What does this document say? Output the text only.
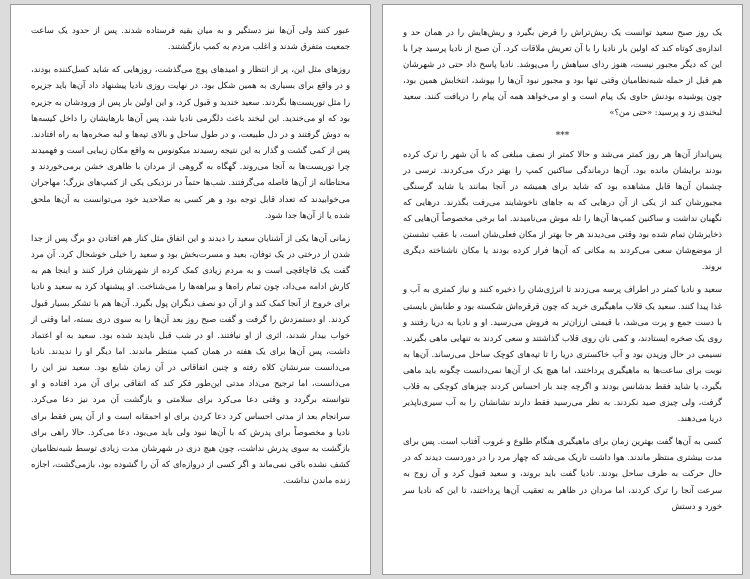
عبور کنند ولی آن‌ها نیز دستگیر و به میان بقیه فرستاده شدند. پس از حدود یک ساعت جمعیت متفرق شدند و اغلب مردم به کمپ بازگشتند.

روزهای مثل این، پر از انتظار و امیدهای پوچ می‌گذشت، روزهایی که شاید کسل‌کننده بودند، و در واقع برای بسیاری به همین شکل بود. در نهایت روزی نادیا پیشنهاد داد آن‌ها باید جزیره را مثل توریست‌ها بگردند. سعید خندید و قبول کرد، و این اولین بار پس از ورودشان به جزیره بود که او می‌خندید. این لبخند باعث دلگرمی نادیا شد، پس آن‌ها بارهایشان را داخل کیسه‌ها به دوش گرفتند و در دل طبیعت، و در طول ساحل و بالای تپه‌ها و لبه صخره‌ها به راه افتادند. پس از کمی گشت و گذار به این نتیجه رسیدند میکونوس به واقع مکان زیبایی است و فهمیدند چرا توریست‌ها به آنجا می‌روند. گهگاه به گروهی از مردان با ظاهری خشن برمی‌خوردند و محتاطانه از آن‌ها فاصله می‌گرفتند. شب‌ها حتماً در نزدیکی یکی از کمپ‌های بزرگ؛ مهاجران می‌خوابیدند که تعداد قابل توجه بود و هر کسی به صلاحدید خود می‌توانست به آن‌ها ملحق شده یا از آن‌ها جدا شود.

زمانی آن‌ها یکی از آشنایان سعید را دیدند و این اتفاق مثل کنار هم افتادن دو برگ پس از جدا شدن از درختی در یک توفان، بعید و مسرت‌بخش بود و سعید را خیلی خوشحال کرد. آن مرد گفت یک قاچاقچی است و به مردم زیادی کمک کرده از شهرشان فرار کنند و اینجا هم به کارش ادامه می‌داد، چون تمام راه‌ها و بیراهه‌ها را می‌شناخت. او پیشنهاد کرد به سعید و نادیا برای خروج از آنجا کمک کند و از آن دو نصف دیگران پول بگیرد. آن‌ها هم با تشکر بسیار قبول کردند. او دستمزدش را گرفت و گفت صبح روز بعد آن‌ها را به سوی دری بسته، اما وقتی از خواب بیدار شدند، اثری از او نیافتند. او در شب قبل ناپدید شده بود. سعید به او اعتماد داشت، پس آن‌ها برای یک هفته در همان کمپ منتظر ماندند. اما دیگر او را ندیدند. نادیا می‌دانست سرنشان کلاه رفته و چنین اتفاقاتی در آن زمان شایع بود. سعید نیز این را می‌دانست، اما ترجیح می‌داد مدتی این‌طور فکر کند که اتفاقی برای آن مرد افتاده و او نتوانسته برگردد و وقتی دعا می‌کرد برای سلامتی و بازگشت آن مرد نیز دعا می‌کرد. سرانجام بعد از مدتی احساس کرد دعا کردن برای او احمقانه است و از آن پس فقط برای نادیا و مخصوصاً برای پدرش که با آن‌ها نبود ولی باید می‌بود، دعا می‌کرد. حالا راهی برای بازگشت به سوی پدرش نداشت، چون هیچ دری در شهرشان مدت زیادی توسط شبه‌نظامیان کشف نشده باقی نمی‌ماند و اگر کسی از دروازه‌ای که آن را گشوده بود، بازمی‌گشت، اجازه زنده ماندن نداشت.

یک روز صبح سعید توانست یک ریش‌تراش را قرض بگیرد و ریش‌هایش را در همان حد و اندازه‌ی کوتاه کند که اولین بار ناديا را با آن تعریش ملاقات کرد. آن صبح از نادیا پرسید چرا با این که دیگر مجبور نیست، هنوز ردای سیاهش را می‌پوشد. نادیا پاسخ داد حتی در شهرشان هم قبل از حمله شبه‌نظامیان وقتی تنها بود و مجبور نبود آن‌ها را بپوشد، انتخابش همین بود، چون پوشیده بودنش حاوی یک پیام است و او می‌خواهد همه آن پیام را دریافت کنند. سعید لبخندی زد و پرسید: «حتی من؟»

***

پس‌انداز آن‌ها هر روز کمتر می‌شد و حالا کمتر از نصف مبلغی که با آن شهر را ترک کرده بودند برایشان مانده بود. آن‌ها درماندگی ساکنین کمپ را بهتر درک می‌کردند. ترسی در چشمان آن‌ها قابل مشاهده بود که شاید برای همیشه در آنجا بمانند یا شاید گرسنگی مجبورشان کند از یکی از آن درهایی که به جاهای ناخوشایند می‌رفت بگذرند. درهایی که نگهبان نداشت و ساکنین کمپ‌ها آن‌ها را تله موش می‌نامیدند. اما برخی مخصوصاً آن‌هایی که ذخایرشان تمام شده بود وقتی می‌دیدند هر جا بهتر از مکان فعلی‌شان است، با عقب نشستن از موضع‌شان سعی می‌کردند به مکانی که آن‌ها فرار کرده بودند یا مکان ناشناخته دیگری بروند.

سعید و نادیا کمتر در اطراف پرسه می‌زدند تا انرژی‌شان را ذخیره کنند و نیاز کمتری به آب و غذا پیدا کنند. سعید یک قلاب ماهیگیری خرید که چون قرقره‌اش شکسته بود و طنابش بایستی با دست جمع و پرت می‌شد، با قیمتی ارزان‌تر به فروش می‌رسید. او و نادیا به دریا رفتند و روی یک صخره ایستادند، و کمی نان روی قلاب گذاشتند و سعی کردند به تنهایی ماهی بگیرند. نسیمی در حال وزیدن بود و آب خاکستری دریا را تا تپه‌های کوچک ساحل می‌رساند. آن‌ها به نوبت برای ساعت‌ها به ماهیگیری پرداختند، اما هیچ یک از آن‌ها نمی‌دانست چگونه باید ماهی بگیرد، یا شاید فقط بدشانس بودند و اگرچه چند بار احساس کردند چیزهای کوچکی به قلاب گرفت، ولی چیزی صید نکردند. به نظر می‌رسید فقط دارند نشانشان را به آب سیری‌ناپذیر دریا می‌دهند.

کسی به آن‌ها گفت بهترین زمان برای ماهیگیری هنگام طلوع و غروب آفتاب است. پس برای مدت بیشتری منتظر ماندند. هوا داشت تاریک می‌شد که چهار مرد را در دوردست دیدند که در حال حرکت به طرف ساحل بودند. نادیا گفت باید بروند، و سعید قبول کرد و آن زوج به سرعت آنجا را ترک کردند، اما مردان در ظاهر به تعقیب آن‌ها پرداختند، تا این که نادیا سر خورد و دستش
